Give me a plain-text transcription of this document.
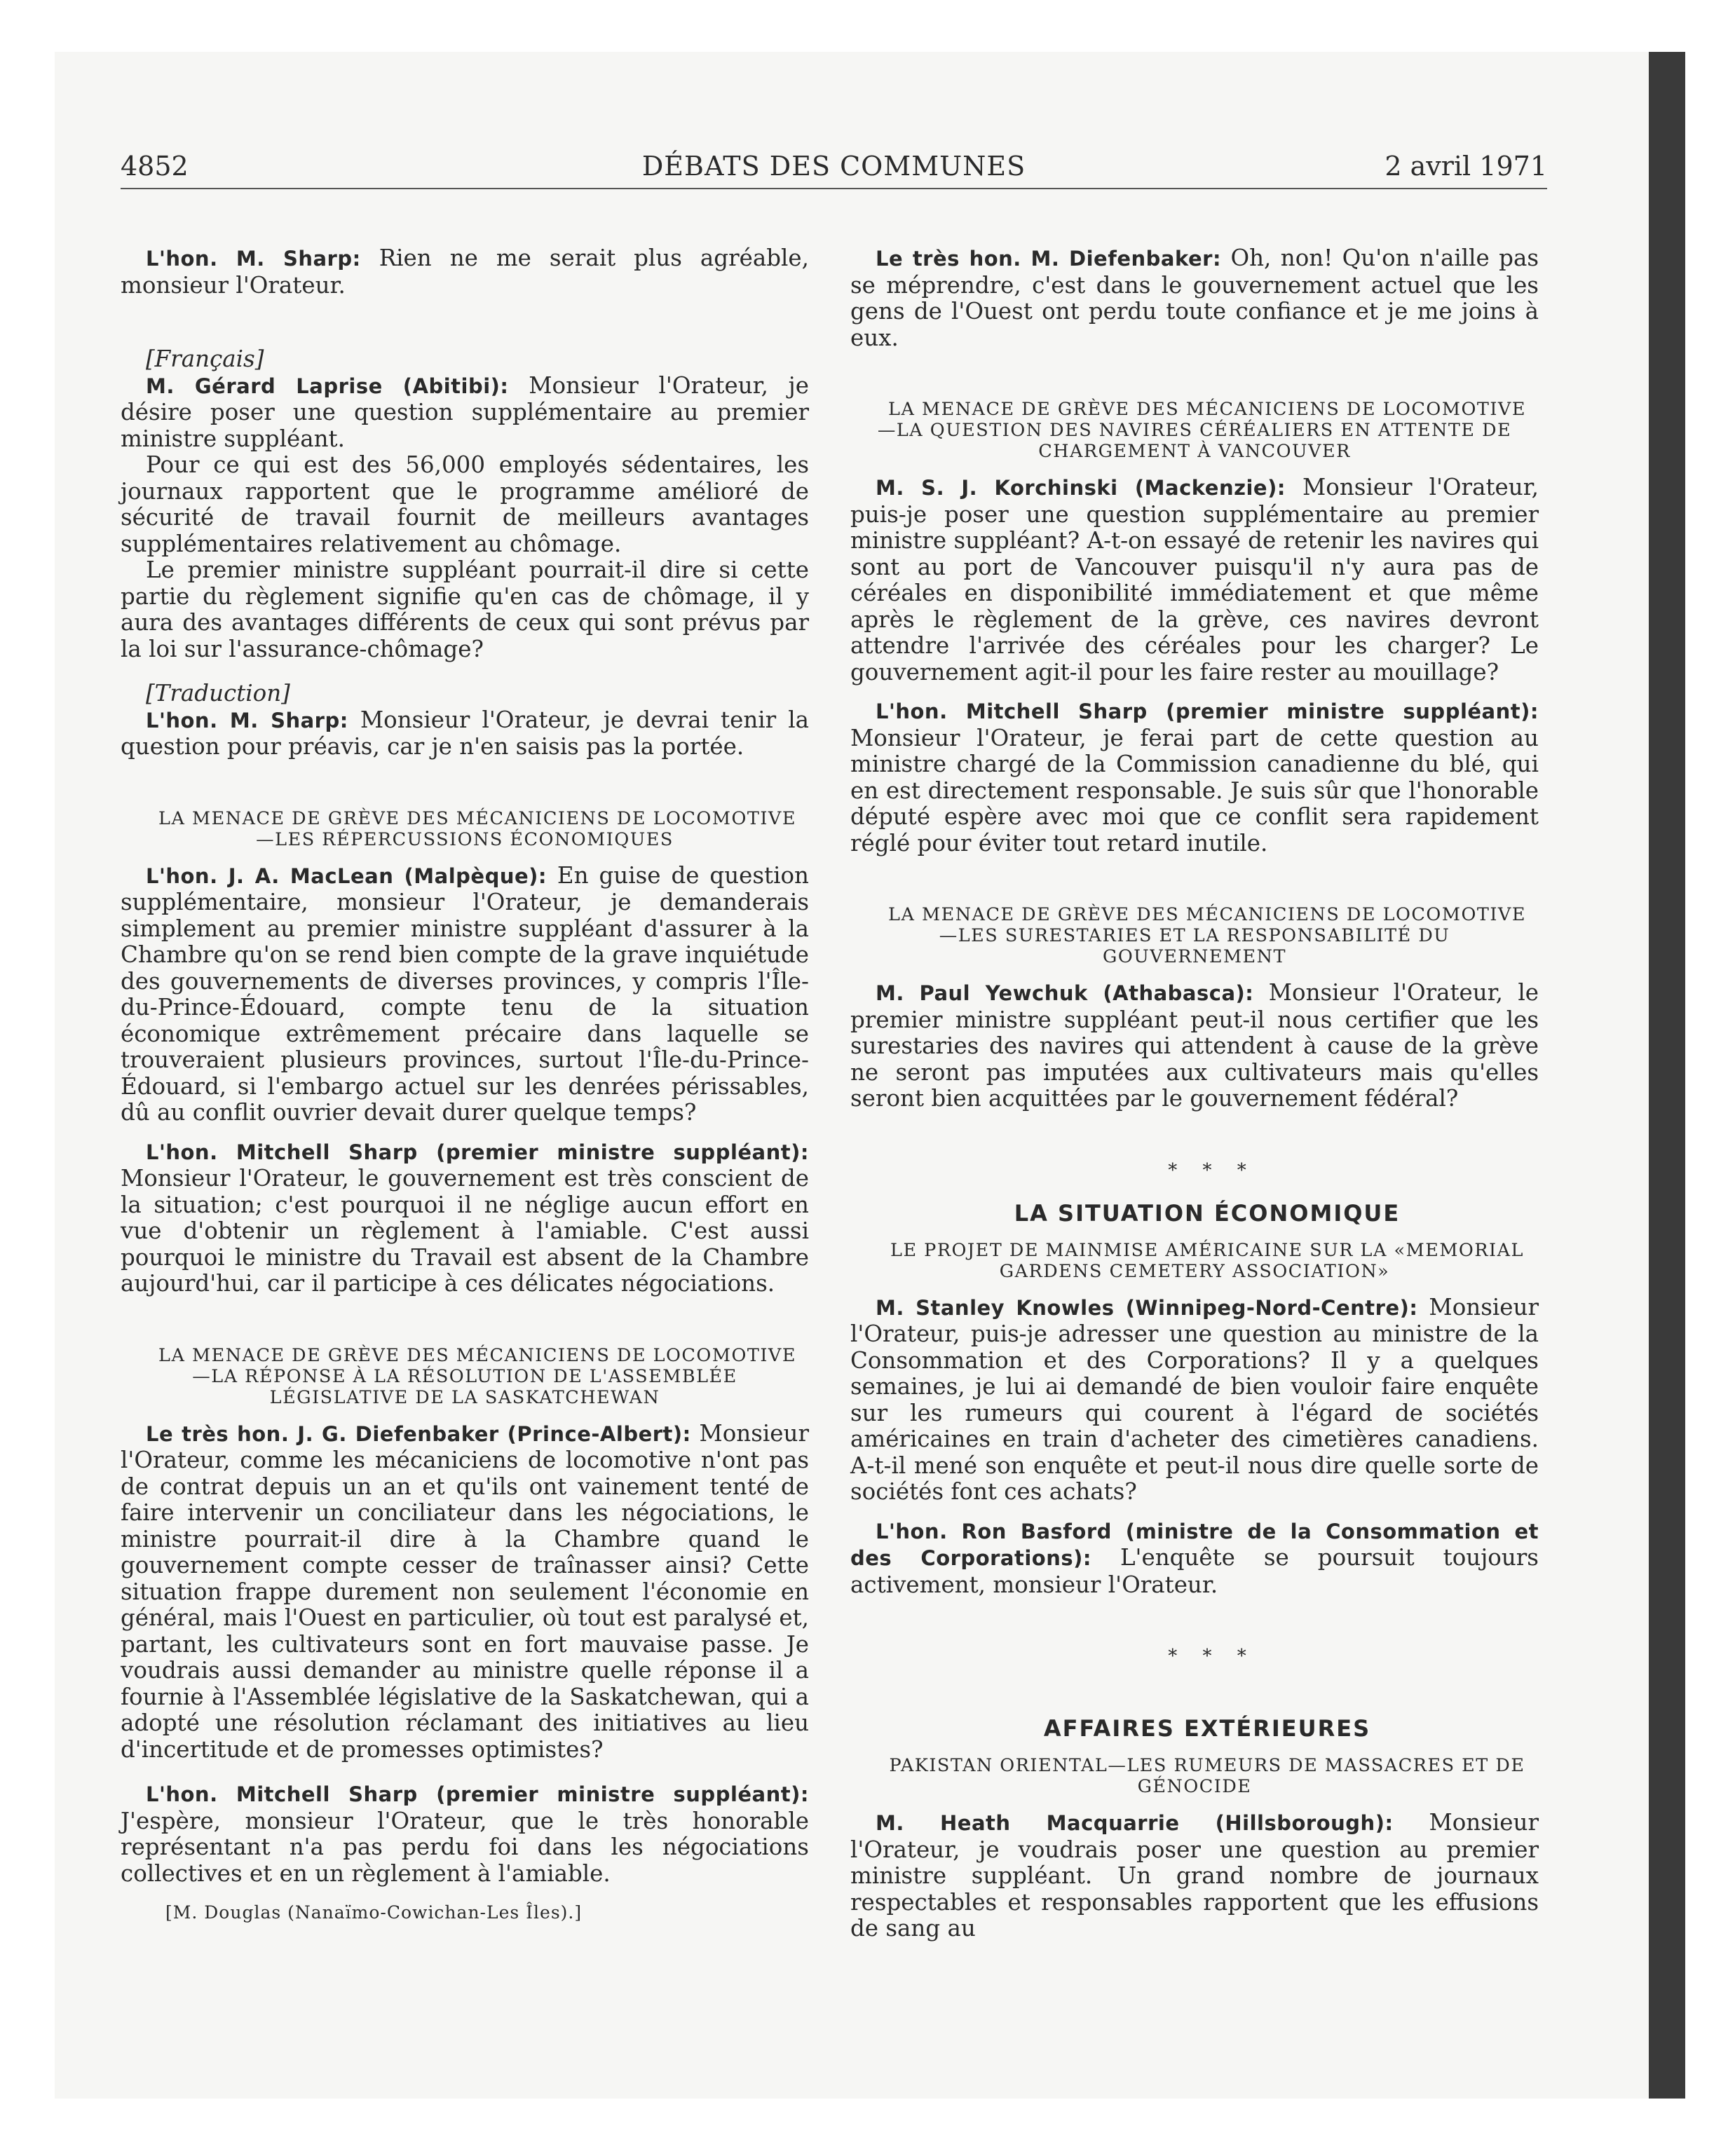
4852	DÉBATS DES COMMUNES	2 avril 1971

L'hon. M. Sharp: Rien ne me serait plus agréable, monsieur l'Orateur.

[Français]

M. Gérard Laprise (Abitibi): Monsieur l'Orateur, je désire poser une question supplémentaire au premier ministre suppléant.

Pour ce qui est des 56,000 employés sédentaires, les journaux rapportent que le programme amélioré de sécurité de travail fournit de meilleurs avantages supplémentaires relativement au chômage.

Le premier ministre suppléant pourrait-il dire si cette partie du règlement signifie qu'en cas de chômage, il y aura des avantages différents de ceux qui sont prévus par la loi sur l'assurance-chômage?

[Traduction]

L'hon. M. Sharp: Monsieur l'Orateur, je devrai tenir la question pour préavis, car je n'en saisis pas la portée.

LA MENACE DE GRÈVE DES MÉCANICIENS DE LOCOMOTIVE —LES RÉPERCUSSIONS ÉCONOMIQUES

L'hon. J. A. MacLean (Malpèque): En guise de question supplémentaire, monsieur l'Orateur, je demanderais simplement au premier ministre suppléant d'assurer à la Chambre qu'on se rend bien compte de la grave inquiétude des gouvernements de diverses provinces, y compris l'Île-du-Prince-Édouard, compte tenu de la situation économique extrêmement précaire dans laquelle se trouveraient plusieurs provinces, surtout l'Île-du-Prince-Édouard, si l'embargo actuel sur les denrées périssables, dû au conflit ouvrier devait durer quelque temps?

L'hon. Mitchell Sharp (premier ministre suppléant): Monsieur l'Orateur, le gouvernement est très conscient de la situation; c'est pourquoi il ne néglige aucun effort en vue d'obtenir un règlement à l'amiable. C'est aussi pourquoi le ministre du Travail est absent de la Chambre aujourd'hui, car il participe à ces délicates négociations.

LA MENACE DE GRÈVE DES MÉCANICIENS DE LOCOMOTIVE —LA RÉPONSE À LA RÉSOLUTION DE L'ASSEMBLÉE LÉGISLATIVE DE LA SASKATCHEWAN

Le très hon. J. G. Diefenbaker (Prince-Albert): Monsieur l'Orateur, comme les mécaniciens de locomotive n'ont pas de contrat depuis un an et qu'ils ont vainement tenté de faire intervenir un conciliateur dans les négociations, le ministre pourrait-il dire à la Chambre quand le gouvernement compte cesser de traînasser ainsi? Cette situation frappe durement non seulement l'économie en général, mais l'Ouest en particulier, où tout est paralysé et, partant, les cultivateurs sont en fort mauvaise passe. Je voudrais aussi demander au ministre quelle réponse il a fournie à l'Assemblée législative de la Saskatchewan, qui a adopté une résolution réclamant des initiatives au lieu d'incertitude et de promesses optimistes?

L'hon. Mitchell Sharp (premier ministre suppléant): J'espère, monsieur l'Orateur, que le très honorable représentant n'a pas perdu foi dans les négociations collectives et en un règlement à l'amiable.

[M. Douglas (Nanaïmo-Cowichan-Les Îles).]

Le très hon. M. Diefenbaker: Oh, non! Qu'on n'aille pas se méprendre, c'est dans le gouvernement actuel que les gens de l'Ouest ont perdu toute confiance et je me joins à eux.

LA MENACE DE GRÈVE DES MÉCANICIENS DE LOCOMOTIVE —LA QUESTION DES NAVIRES CÉRÉALIERS EN ATTENTE DE CHARGEMENT À VANCOUVER

M. S. J. Korchinski (Mackenzie): Monsieur l'Orateur, puis-je poser une question supplémentaire au premier ministre suppléant? A-t-on essayé de retenir les navires qui sont au port de Vancouver puisqu'il n'y aura pas de céréales en disponibilité immédiatement et que même après le règlement de la grève, ces navires devront attendre l'arrivée des céréales pour les charger? Le gouvernement agit-il pour les faire rester au mouillage?

L'hon. Mitchell Sharp (premier ministre suppléant): Monsieur l'Orateur, je ferai part de cette question au ministre chargé de la Commission canadienne du blé, qui en est directement responsable. Je suis sûr que l'honorable député espère avec moi que ce conflit sera rapidement réglé pour éviter tout retard inutile.

LA MENACE DE GRÈVE DES MÉCANICIENS DE LOCOMOTIVE —LES SURESTARIES ET LA RESPONSABILITÉ DU GOUVERNEMENT

M. Paul Yewchuk (Athabasca): Monsieur l'Orateur, le premier ministre suppléant peut-il nous certifier que les surestaries des navires qui attendent à cause de la grève ne seront pas imputées aux cultivateurs mais qu'elles seront bien acquittées par le gouvernement fédéral?

* * *

LA SITUATION ÉCONOMIQUE

LE PROJET DE MAINMISE AMÉRICAINE SUR LA «MEMORIAL GARDENS CEMETERY ASSOCIATION»

M. Stanley Knowles (Winnipeg-Nord-Centre): Monsieur l'Orateur, puis-je adresser une question au ministre de la Consommation et des Corporations? Il y a quelques semaines, je lui ai demandé de bien vouloir faire enquête sur les rumeurs qui courent à l'égard de sociétés américaines en train d'acheter des cimetières canadiens. A-t-il mené son enquête et peut-il nous dire quelle sorte de sociétés font ces achats?

L'hon. Ron Basford (ministre de la Consommation et des Corporations): L'enquête se poursuit toujours activement, monsieur l'Orateur.

* * *

AFFAIRES EXTÉRIEURES

PAKISTAN ORIENTAL—LES RUMEURS DE MASSACRES ET DE GÉNOCIDE

M. Heath Macquarrie (Hillsborough): Monsieur l'Orateur, je voudrais poser une question au premier ministre suppléant. Un grand nombre de journaux respectables et responsables rapportent que les effusions de sang au
